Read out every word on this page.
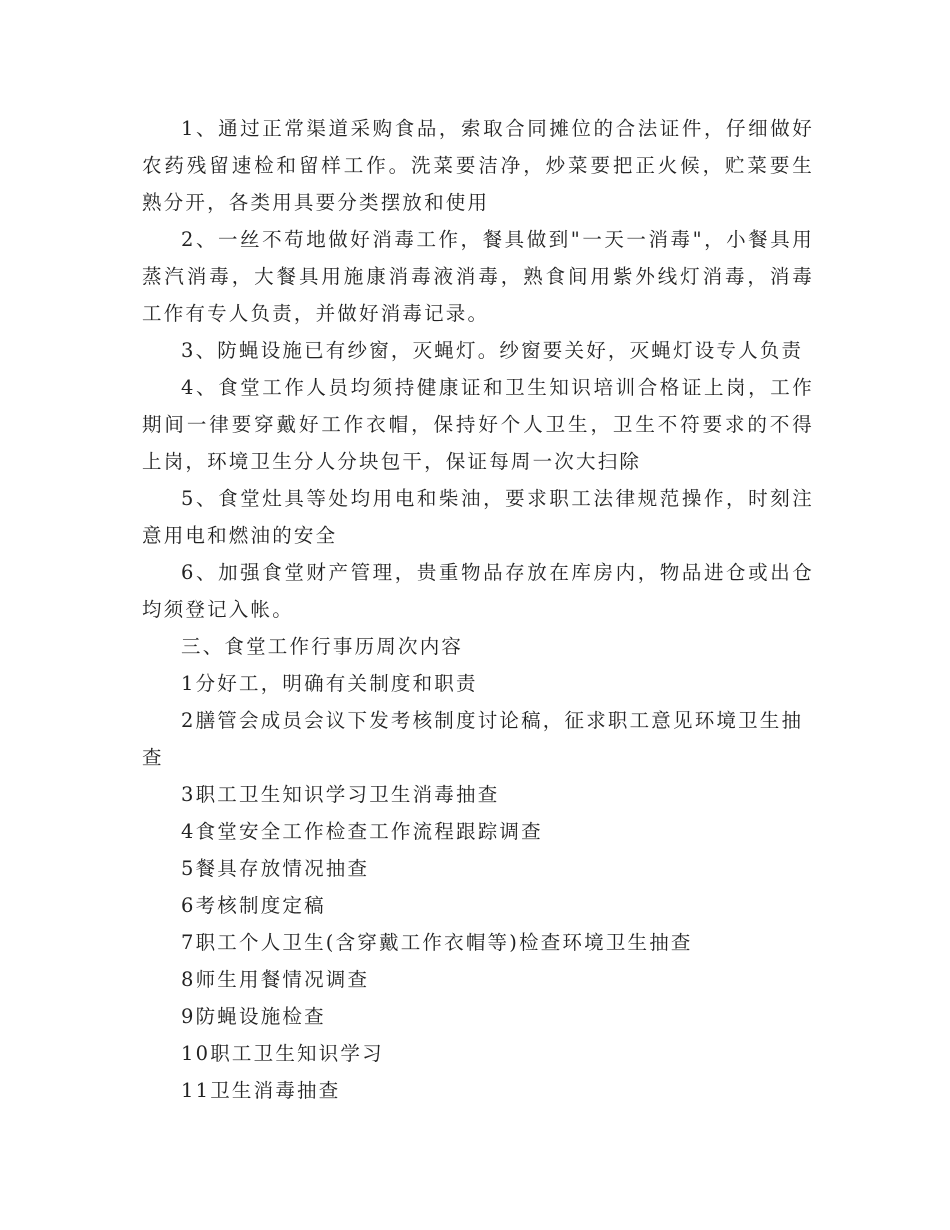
1、通过正常渠道采购食品，索取合同摊位的合法证件，仔细做好农药残留速检和留样工作。洗菜要洁净，炒菜要把正火候，贮菜要生熟分开，各类用具要分类摆放和使用

2、一丝不苟地做好消毒工作，餐具做到"一天一消毒"，小餐具用蒸汽消毒，大餐具用施康消毒液消毒，熟食间用紫外线灯消毒，消毒工作有专人负责，并做好消毒记录。

3、防蝇设施已有纱窗，灭蝇灯。纱窗要关好，灭蝇灯设专人负责

4、食堂工作人员均须持健康证和卫生知识培训合格证上岗，工作期间一律要穿戴好工作衣帽，保持好个人卫生，卫生不符要求的不得上岗，环境卫生分人分块包干，保证每周一次大扫除

5、食堂灶具等处均用电和柴油，要求职工法律规范操作，时刻注意用电和燃油的安全

6、加强食堂财产管理，贵重物品存放在库房内，物品进仓或出仓均须登记入帐。

三、食堂工作行事历周次内容

1分好工，明确有关制度和职责

2膳管会成员会议下发考核制度讨论稿，征求职工意见环境卫生抽查

3职工卫生知识学习卫生消毒抽查

4食堂安全工作检查工作流程跟踪调查

5餐具存放情况抽查

6考核制度定稿

7职工个人卫生(含穿戴工作衣帽等)检查环境卫生抽查

8师生用餐情况调查

9防蝇设施检查

10职工卫生知识学习

11卫生消毒抽查
